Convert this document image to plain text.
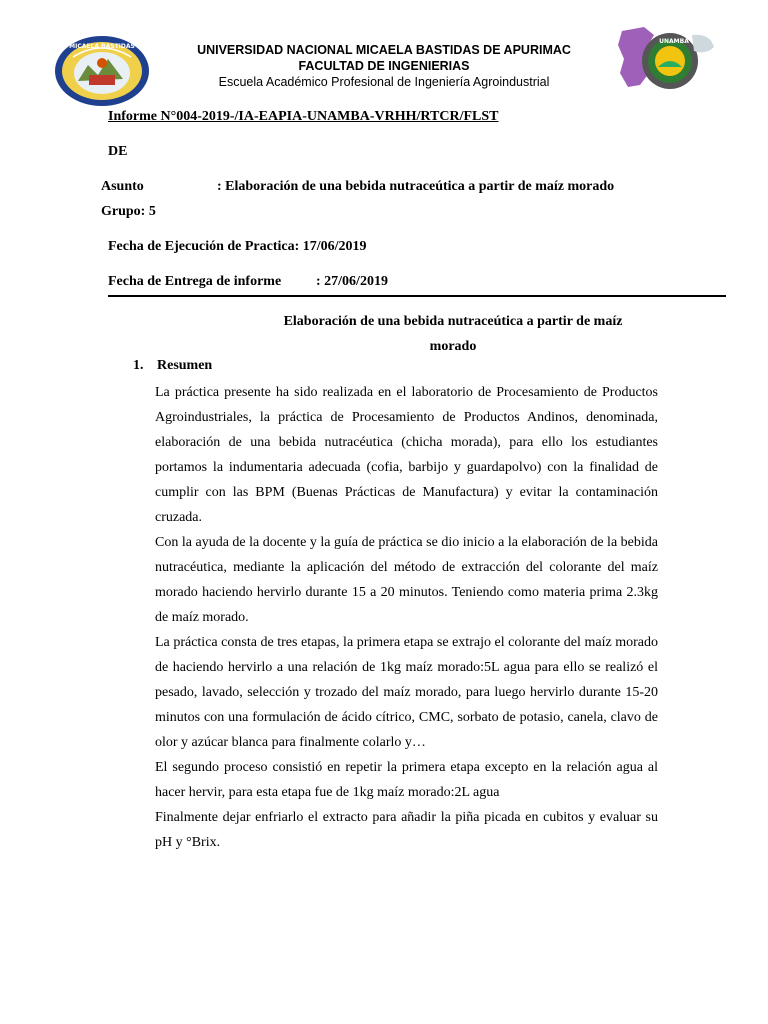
MICAELA BASTIDAS
UNAMBA
UNIVERSIDAD NACIONAL MICAELA BASTIDAS DE APURIMAC
FACULTAD DE INGENIERIAS
Escuela Académico Profesional de Ingeniería Agroindustrial
Informe N°004-2019-/IA-EAPIA-UNAMBA-VRHH/RTCR/FLST
DE
Asunto	: Elaboración de una bebida nutraceútica a partir de maíz morado
Grupo: 5
Fecha de Ejecución de Practica: 17/06/2019
Fecha de Entrega de informe : 27/06/2019
Elaboración de una bebida nutraceútica a partir de maíz
morado
1. Resumen

La práctica presente ha sido realizada en el laboratorio de Procesamiento de Productos Agroindustriales, la práctica de Procesamiento de Productos Andinos, denominada, elaboración de una bebida nutracéutica (chicha morada), para ello los estudiantes portamos la indumentaria adecuada (cofia, barbijo y guardapolvo) con la finalidad de cumplir con las BPM (Buenas Prácticas de Manufactura) y evitar la contaminación cruzada.

Con la ayuda de la docente y la guía de práctica se dio inicio a la elaboración de la bebida nutracéutica, mediante la aplicación del método de extracción del colorante del maíz morado haciendo hervirlo durante 15 a 20 minutos. Teniendo como materia prima 2.3kg de maíz morado.

La práctica consta de tres etapas, la primera etapa se extrajo el colorante del maíz morado de haciendo hervirlo a una relación de 1kg maíz morado:5L agua para ello se realizó el pesado, lavado, selección y trozado del maíz morado, para luego hervirlo durante 15-20 minutos con una formulación de ácido cítrico, CMC, sorbato de potasio, canela, clavo de olor y azúcar blanca para finalmente colarlo y…

El segundo proceso consistió en repetir la primera etapa excepto en la relación agua al hacer hervir, para esta etapa fue de 1kg maíz morado:2L agua

Finalmente dejar enfriarlo el extracto para añadir la piña picada en cubitos y evaluar su pH y °Brix.
